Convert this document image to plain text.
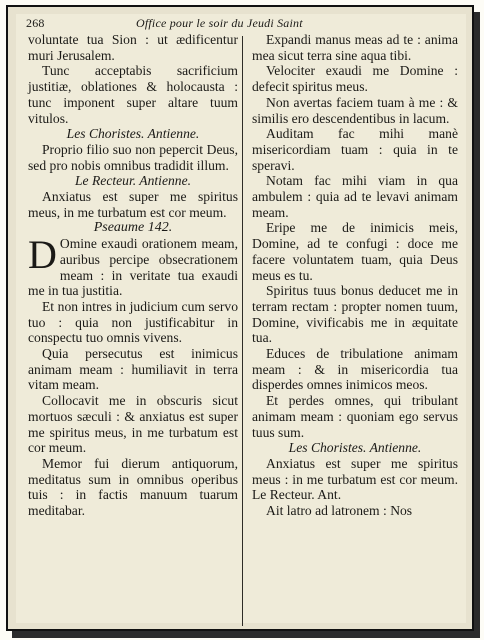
268	Office pour le soir du Jeudi Saint

voluntate tua Sion : ut ædificentur muri Jerusalem.

Tunc acceptabis sacrificium justitiæ, oblationes & holocausta : tunc imponent super altare tuum vitulos.

Les Choristes. Antienne.

Proprio filio suo non pepercit Deus, sed pro nobis omnibus tradidit illum.

Le Recteur. Antienne.

Anxiatus est super me spiritus meus, in me turbatum est cor meum.

Pseaume 142.

D Omine exaudi orationem meam, auribus percipe obsecrationem meam : in veritate tua exaudi me in tua justitia.

Et non intres in judicium cum servo tuo : quia non justificabitur in conspectu tuo omnis vivens.

Quia persecutus est inimicus animam meam : humiliavit in terra vitam meam.

Collocavit me in obscuris sicut mortuos sæculi : & anxiatus est super me spiritus meus, in me turbatum est cor meum.

Memor fui dierum antiquorum, meditatus sum in omnibus operibus tuis : in factis manuum tuarum meditabar.

Expandi manus meas ad te : anima mea sicut terra sine aqua tibi.

Velociter exaudi me Domine : defecit spiritus meus.

Non avertas faciem tuam à me : & similis ero descendentibus in lacum.

Auditam fac mihi manè misericordiam tuam : quia in te speravi.

Notam fac mihi viam in qua ambulem : quia ad te levavi animam meam.

Eripe me de inimicis meis, Domine, ad te confugi : doce me facere voluntatem tuam, quia Deus meus es tu.

Spiritus tuus bonus deducet me in terram rectam : propter nomen tuum, Domine, vivificabis me in æquitate tua.

Educes de tribulatione animam meam : & in misericordia tua disperdes omnes inimicos meos.

Et perdes omnes, qui tribulant animam meam : quoniam ego servus tuus sum.

Les Choristes. Antienne.

Anxiatus est super me spiritus meus : in me turbatum est cor meum. Le Recteur. Ant.

Ait latro ad latronem : Nos
